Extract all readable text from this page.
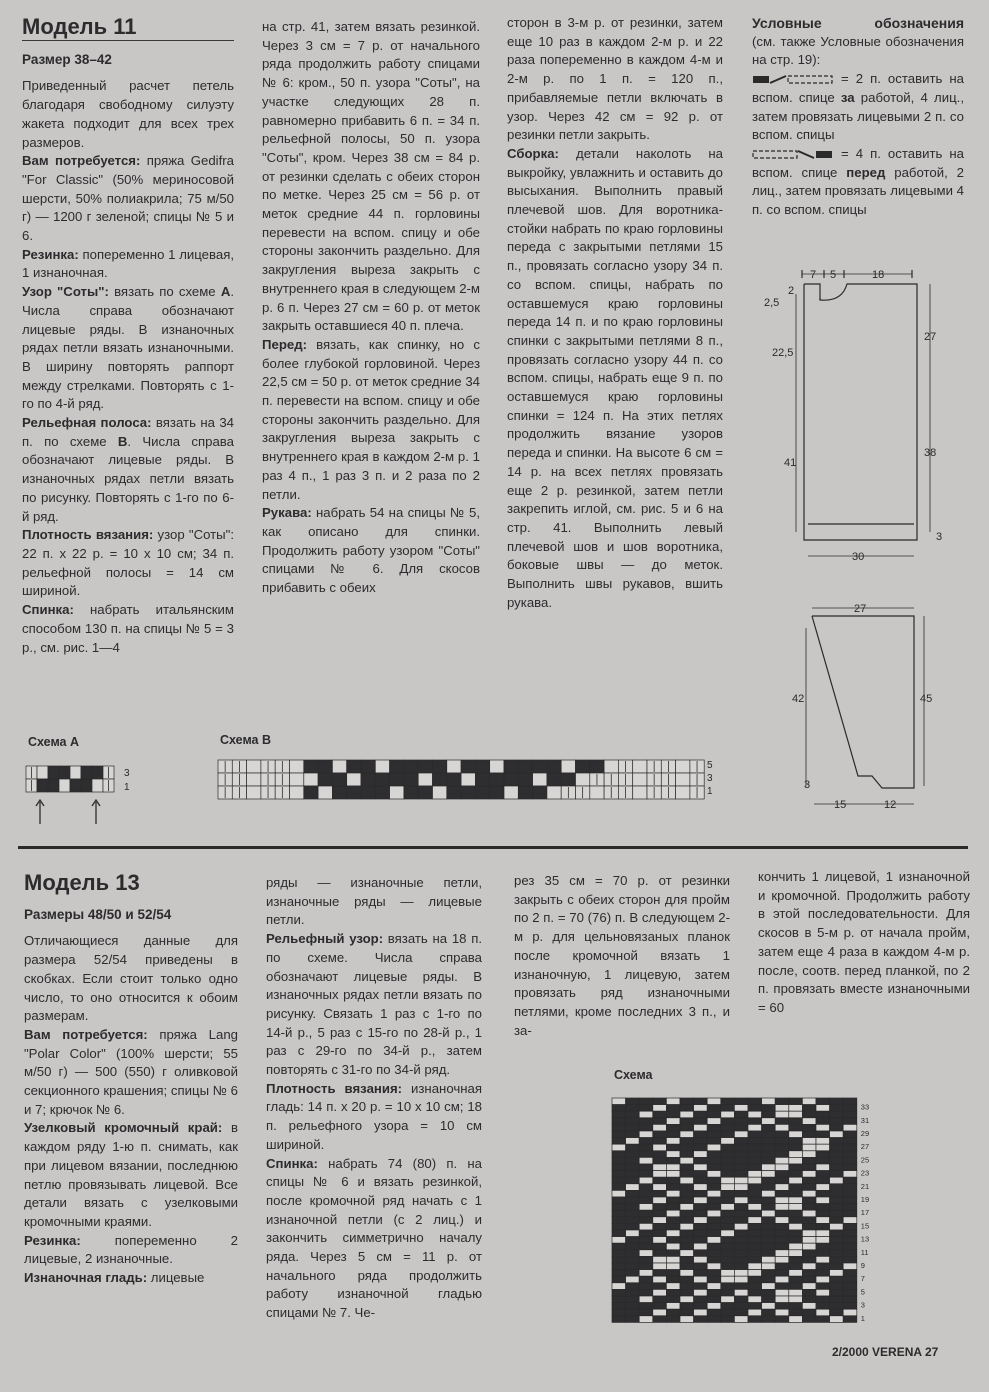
Модель 11
Размер 38–42

Приведенный расчет петель благодаря свободному силуэту жакета подходит для всех трех размеров.

Вам потребуется: пряжа Gedifra "For Classic" (50% мериносовой шерсти, 50% полиакрила; 75 м/50 г) — 1200 г зеленой; спицы № 5 и 6.

Резинка: попеременно 1 лицевая, 1 изнаночная.

Узор "Соты": вязать по схеме А. Числа справа обозначают лицевые ряды. В изнаночных рядах петли вязать изнаночными. В ширину повторять раппорт между стрелками. Повторять с 1-го по 4-й ряд.

Рельефная полоса: вязать на 34 п. по схеме В. Числа справа обозначают лицевые ряды. В изнаночных рядах петли вязать по рисунку. Повторять с 1-го по 6-й ряд.

Плотность вязания: узор "Соты": 22 п. х 22 р. = 10 х 10 см; 34 п. рельефной полосы = 14 см шириной.

Спинка: набрать итальянским способом 130 п. на спицы № 5 = 3 р., см. рис. 1—4

на стр. 41, затем вязать резинкой. Через 3 см = 7 р. от начального ряда продолжить работу спицами № 6: кром., 50 п. узора "Соты", на участке следующих 28 п. равномерно прибавить 6 п. = 34 п. рельефной полосы, 50 п. узора "Соты", кром. Через 38 см = 84 р. от резинки сделать с обеих сторон по метке. Через 25 см = 56 р. от меток средние 44 п. горловины перевести на вспом. спицу и обе стороны закончить раздельно. Для закругления выреза закрыть с внутреннего края в следующем 2-м р. 6 п. Через 27 см = 60 р. от меток закрыть оставшиеся 40 п. плеча.

Перед: вязать, как спинку, но с более глубокой горловиной. Через 22,5 см = 50 р. от меток средние 34 п. перевести на вспом. спицу и обе стороны закончить раздельно. Для закругления выреза закрыть с внутреннего края в каждом 2-м р. 1 раз 4 п., 1 раз 3 п. и 2 раза по 2 петли.

Рукава: набрать 54 на спицы № 5, как описано для спинки. Продолжить работу узором "Соты" спицами № 6. Для скосов прибавить с обеих

сторон в 3-м р. от резинки, затем еще 10 раз в каждом 2-м р. и 22 раза попеременно в каждом 4-м и 2-м р. по 1 п. = 120 п., прибавляемые петли включать в узор. Через 42 см = 92 р. от резинки петли закрыть.

Сборка: детали наколоть на выкройку, увлажнить и оставить до высыхания. Выполнить правый плечевой шов. Для воротника-стойки набрать по краю горловины переда с закрытыми петлями 15 п., провязать согласно узору 34 п. со вспом. спицы, набрать по оставшемуся краю горловины переда 14 п. и по краю горловины спинки с закрытыми петлями 8 п., провязать согласно узору 44 п. со вспом. спицы, набрать еще 9 п. по оставшемуся краю горловины спинки = 124 п. На этих петлях продолжить вязание узоров переда и спинки. На высоте 6 см = 14 р. на всех петлях провязать еще 2 р. резинкой, затем петли закрепить иглой, см. рис. 5 и 6 на стр. 41. Выполнить левый плечевой шов и шов воротника, боковые швы — до меток. Выполнить швы рукавов, вшить рукава.

Условные	обозначения

(см. также Условные обозначения на стр. 19):

= 2 п. оставить на вспом. спице за работой, 4 лиц., затем провязать лицевыми 2 п. со вспом. спицы

= 4 п. оставить на вспом. спице перед работой, 2 лиц., затем провязать лицевыми 4 п. со вспом. спицы

7 5	18
2
2,5
22,5
41
27
38
3
30
27
42
3
45
15	12
Схема А
3
1
Схема В
5
3
1
Модель 13
Размеры 48/50 и 52/54

Отличающиеся данные для размера 52/54 приведены в скобках. Если стоит только одно число, то оно относится к обоим размерам.

Вам потребуется: пряжа Lang "Polar Color" (100% шерсти; 55 м/50 г) — 500 (550) г оливковой секционного крашения; спицы № 6 и 7; крючок № 6.

Узелковый кромочный край: в каждом ряду 1-ю п. снимать, как при лицевом вязании, последнюю петлю провязывать лицевой. Все детали вязать с узелковыми кромочными краями.

Резинка: попеременно 2 лицевые, 2 изнаночные.

Изнаночная гладь: лицевые

ряды — изнаночные петли, изнаночные ряды — лицевые петли.

Рельефный узор: вязать на 18 п. по схеме. Числа справа обозначают лицевые ряды. В изнаночных рядах петли вязать по рисунку. Связать 1 раз с 1-го по 14-й р., 5 раз с 15-го по 28-й р., 1 раз с 29-го по 34-й р., затем повторять с 31-го по 34-й ряд.

Плотность вязания: изнаночная гладь: 14 п. х 20 р. = 10 х 10 см; 18 п. рельефного узора = 10 см шириной.

Спинка: набрать 74 (80) п. на спицы № 6 и вязать резинкой, после кромочной ряд начать с 1 изнаночной петли (с 2 лиц.) и закончить симметрично началу ряда. Через 5 см = 11 р. от начального ряда продолжить работу изнаночной гладью спицами № 7. Че-

рез 35 см = 70 р. от резинки закрыть с обеих сторон для пройм по 2 п. = 70 (76) п. В следующем 2-м р. для цельновязаных планок после кромочной вязать 1 изнаночную, 1 лицевую, затем провязать ряд изнаночными петлями, кроме последних 3 п., и за-

кончить 1 лицевой, 1 изнаночной и кромочной. Продолжить работу в этой последовательности. Для скосов в 5-м р. от начала пройм, затем еще 4 раза в каждом 4-м р. после, соотв. перед планкой, по 2 п. провязать вместе изнаночными = 60

Схема
33
31
29
27
25
23
21
19
17
15
13
11
9
7
5
3
1
2/2000 VERENA 27
